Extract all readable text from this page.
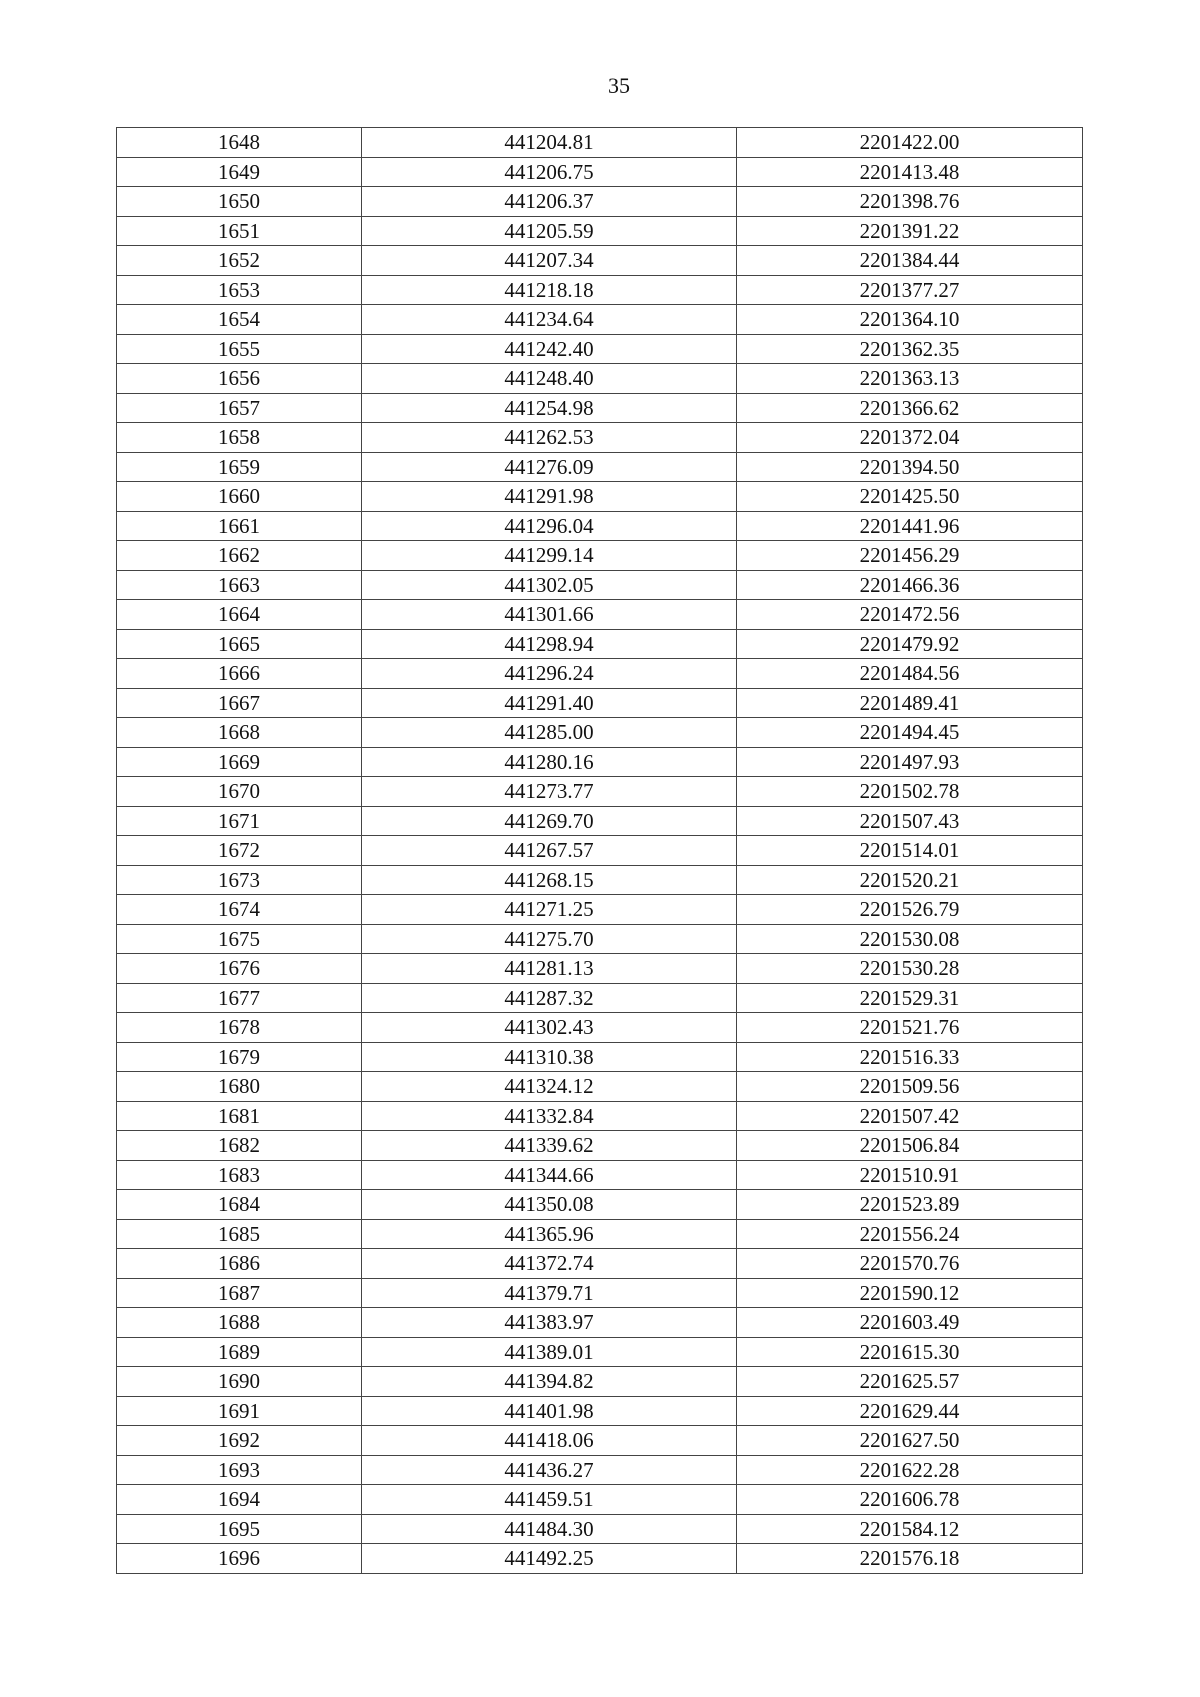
35
1648	441204.81	2201422.00
1649	441206.75	2201413.48
1650	441206.37	2201398.76
1651	441205.59	2201391.22
1652	441207.34	2201384.44
1653	441218.18	2201377.27
1654	441234.64	2201364.10
1655	441242.40	2201362.35
1656	441248.40	2201363.13
1657	441254.98	2201366.62
1658	441262.53	2201372.04
1659	441276.09	2201394.50
1660	441291.98	2201425.50
1661	441296.04	2201441.96
1662	441299.14	2201456.29
1663	441302.05	2201466.36
1664	441301.66	2201472.56
1665	441298.94	2201479.92
1666	441296.24	2201484.56
1667	441291.40	2201489.41
1668	441285.00	2201494.45
1669	441280.16	2201497.93
1670	441273.77	2201502.78
1671	441269.70	2201507.43
1672	441267.57	2201514.01
1673	441268.15	2201520.21
1674	441271.25	2201526.79
1675	441275.70	2201530.08
1676	441281.13	2201530.28
1677	441287.32	2201529.31
1678	441302.43	2201521.76
1679	441310.38	2201516.33
1680	441324.12	2201509.56
1681	441332.84	2201507.42
1682	441339.62	2201506.84
1683	441344.66	2201510.91
1684	441350.08	2201523.89
1685	441365.96	2201556.24
1686	441372.74	2201570.76
1687	441379.71	2201590.12
1688	441383.97	2201603.49
1689	441389.01	2201615.30
1690	441394.82	2201625.57
1691	441401.98	2201629.44
1692	441418.06	2201627.50
1693	441436.27	2201622.28
1694	441459.51	2201606.78
1695	441484.30	2201584.12
1696	441492.25	2201576.18
